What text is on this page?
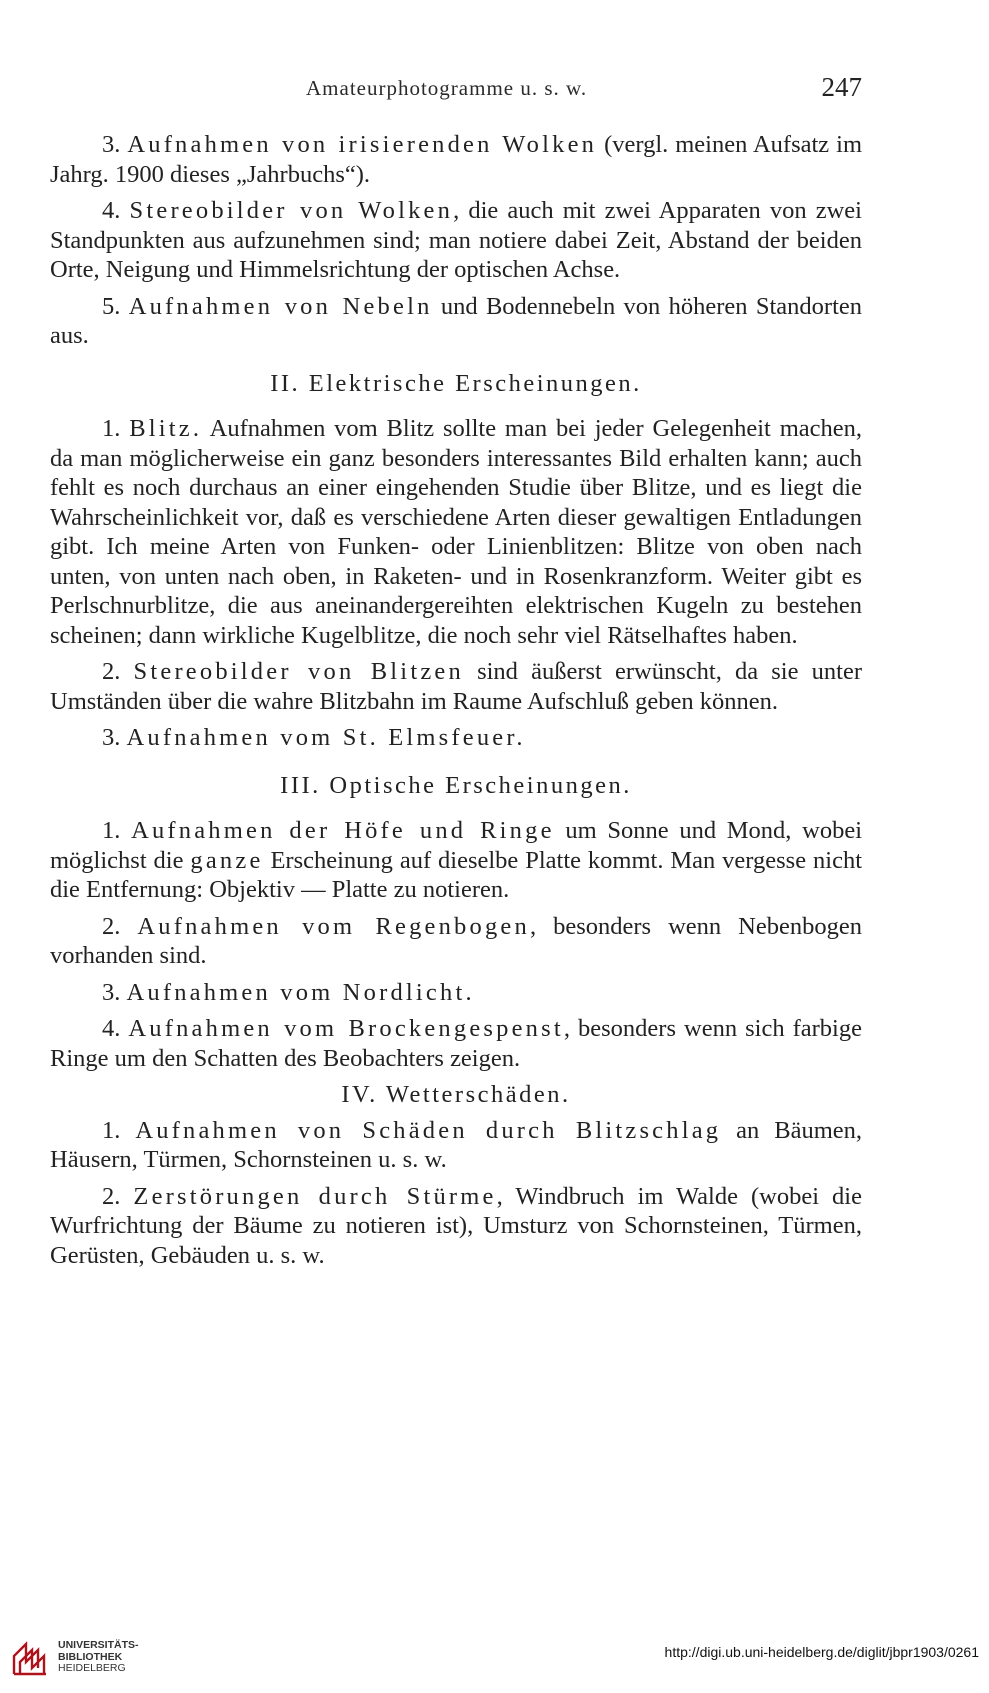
Amateurphotogramme u. s. w.	247

3. Aufnahmen von irisierenden Wolken (vergl. meinen Aufsatz im Jahrg. 1900 dieses „Jahrbuchs“).

4. Stereobilder von Wolken, die auch mit zwei Apparaten von zwei Standpunkten aus aufzunehmen sind; man notiere dabei Zeit, Abstand der beiden Orte, Neigung und Himmelsrichtung der optischen Achse.

5. Aufnahmen von Nebeln und Bodennebeln von höheren Standorten aus.

II. Elektrische Erscheinungen.

1. Blitz. Aufnahmen vom Blitz sollte man bei jeder Gelegenheit machen, da man möglicherweise ein ganz besonders interessantes Bild erhalten kann; auch fehlt es noch durchaus an einer eingehenden Studie über Blitze, und es liegt die Wahrscheinlichkeit vor, daß es verschiedene Arten dieser gewaltigen Entladungen gibt. Ich meine Arten von Funken- oder Linienblitzen: Blitze von oben nach unten, von unten nach oben, in Raketen- und in Rosenkranzform. Weiter gibt es Perlschnurblitze, die aus aneinandergereihten elektrischen Kugeln zu bestehen scheinen; dann wirkliche Kugelblitze, die noch sehr viel Rätselhaftes haben.

2. Stereobilder von Blitzen sind äußerst erwünscht, da sie unter Umständen über die wahre Blitzbahn im Raume Aufschluß geben können.

3. Aufnahmen vom St. Elmsfeuer.

III. Optische Erscheinungen.

1. Aufnahmen der Höfe und Ringe um Sonne und Mond, wobei möglichst die ganze Erscheinung auf dieselbe Platte kommt. Man vergesse nicht die Entfernung: Objektiv — Platte zu notieren.

2. Aufnahmen vom Regenbogen, besonders wenn Nebenbogen vorhanden sind.

3. Aufnahmen vom Nordlicht.

4. Aufnahmen vom Brockengespenst, besonders wenn sich farbige Ringe um den Schatten des Beobachters zeigen.

IV. Wetterschäden.

1. Aufnahmen von Schäden durch Blitzschlag an Bäumen, Häusern, Türmen, Schornsteinen u. s. w.

2. Zerstörungen durch Stürme, Windbruch im Walde (wobei die Wurfrichtung der Bäume zu notieren ist), Umsturz von Schornsteinen, Türmen, Gerüsten, Gebäuden u. s. w.

UNIVERSITÄTS-
BIBLIOTHEK
HEIDELBERG
http://digi.ub.uni-heidelberg.de/diglit/jbpr1903/0261
